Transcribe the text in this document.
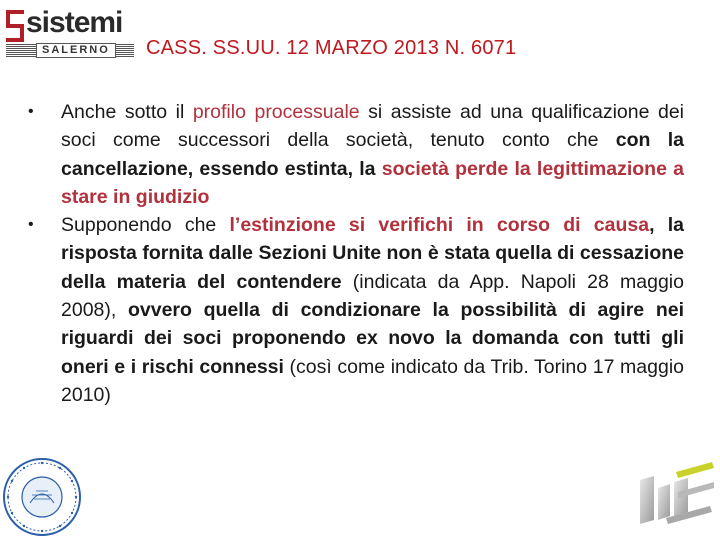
sistemi
SALERNO	CASS. SS.UU. 12 MARZO 2013 N. 6071
•	Anche sotto il profilo processuale si assiste ad una qualificazione dei soci come successori della società, tenuto conto che con la cancellazione, essendo estinta, la società perde la legittimazione a stare in giudizio
•	Supponendo che l’estinzione si verifichi in corso di causa, la risposta fornita dalle Sezioni Unite non è stata quella di cessazione della materia del contendere (indicata da App. Napoli 28 maggio 2008), ovvero quella di condizionare la possibilità di agire nei riguardi dei soci proponendo ex novo la domanda con tutti gli oneri e i rischi connessi (così come indicato da Trib. Torino 17 maggio 2010)
